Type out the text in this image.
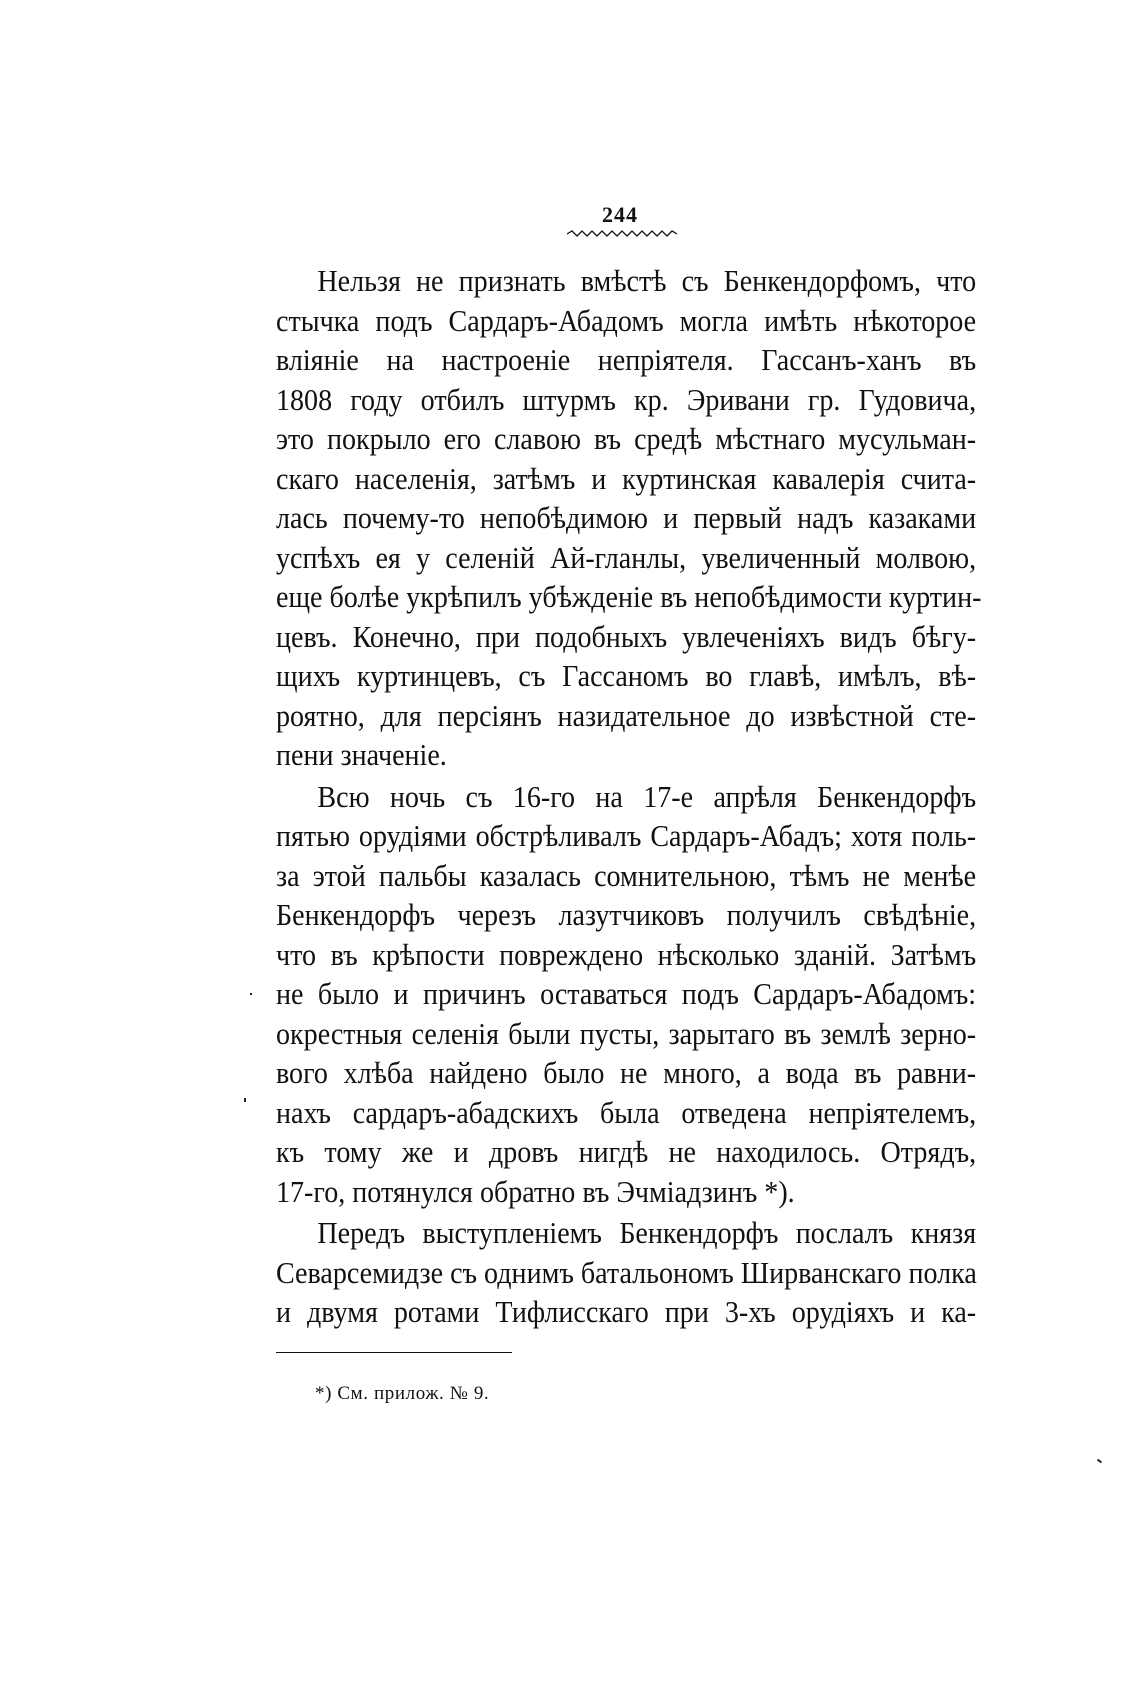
244
Нельзя не признать вмѣстѣ съ Бенкендорфомъ, что
стычка подъ Сардаръ-Абадомъ могла имѣть нѣкоторое
вліяніе на настроеніе непріятеля. Гассанъ-ханъ въ
1808 году отбилъ штурмъ кр. Эривани гр. Гудовича,
это покрыло его славою въ средѣ мѣстнаго мусульман-
скаго населенія, затѣмъ и куртинская кавалерія счита-
лась почему-то непобѣдимою и первый надъ казаками
успѣхъ ея у селеній Ай-гланлы, увеличенный молвою,
еще болѣе укрѣпилъ убѣжденіе въ непобѣдимости куртин-
цевъ. Конечно, при подобныхъ увлеченіяхъ видъ бѣгу-
щихъ куртинцевъ, съ Гассаномъ во главѣ, имѣлъ, вѣ-
роятно, для персіянъ назидательное до извѣстной сте-
пени значеніе.
Всю ночь съ 16-го на 17-е апрѣля Бенкендорфъ
пятью орудіями обстрѣливалъ Сардаръ-Абадъ; хотя поль-
за этой пальбы казалась сомнительною, тѣмъ не менѣе
Бенкендорфъ черезъ лазутчиковъ получилъ свѣдѣніе,
что въ крѣпости повреждено нѣсколько зданій. Затѣмъ
не было и причинъ оставаться подъ Сардаръ-Абадомъ:
окрестныя селенія были пусты, зарытаго въ землѣ зерно-
вого хлѣба найдено было не много, а вода въ равни-
нахъ сардаръ-абадскихъ была отведена непріятелемъ,
къ тому же и дровъ нигдѣ не находилось. Отрядъ,
17-го, потянулся обратно въ Эчміадзинъ *).
Передъ выступленіемъ Бенкендорфъ послалъ князя
Севарсемидзе съ однимъ батальономъ Ширванскаго полка
и двумя ротами Тифлисскаго при 3-хъ орудіяхъ и ка-
*) См. прилож. № 9.
